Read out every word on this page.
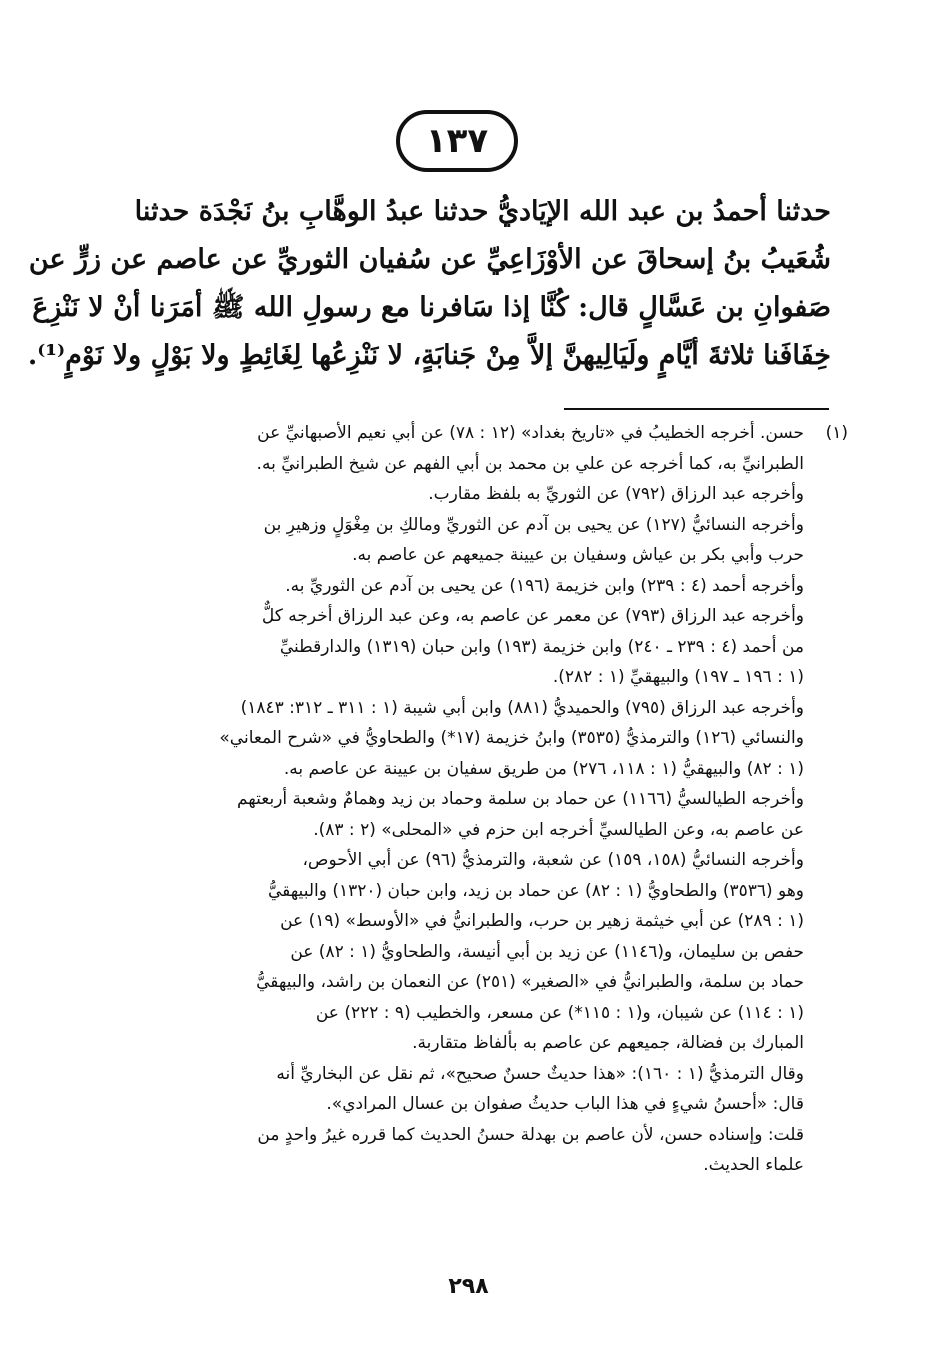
١٣٧
حدثنا أحمدُ بن عبد الله الإيَاديُّ حدثنا عبدُ الوهَّابِ بنُ نَجْدَة حدثنا
شُعَيبُ بنُ إسحاقَ عن الأوْزَاعِيِّ عن سُفيان الثوريِّ عن عاصم عن زرٍّ عن
صَفوانِ بن عَسَّالٍ قال: كُنَّا إذا سَافرنا مع رسولِ الله ﷺ أمَرَنا أنْ لا نَنْزِعَ
خِفَافَنا ثلاثةَ أيَّامٍ ولَيَالِيهنَّ إلاَّ مِنْ جَنابَةٍ، لا نَنْزِعُها لِغَائِطٍ ولا بَوْلٍ ولا نَوْمٍ⁽¹⁾.
(١)
حسن. أخرجه الخطيبُ في «تاريخ بغداد» (١٢ : ٧٨) عن أبي نعيم الأصبهانيِّ عن
الطبرانيِّ به، كما أخرجه عن علي بن محمد بن أبي الفهم عن شيخ الطبرانيِّ به.
وأخرجه عبد الرزاق (٧٩٢) عن الثوريِّ به بلفظ مقارب.
وأخرجه النسائيُّ (١٢٧) عن يحيى بن آدم عن الثوريِّ ومالكِ بن مِغْوَلٍ وزهيرِ بن
حرب وأبي بكر بن عياش وسفيان بن عيينة جميعهم عن عاصم به.
وأخرجه أحمد (٤ : ٢٣٩) وابن خزيمة (١٩٦) عن يحيى بن آدم عن الثوريِّ به.
وأخرجه عبد الرزاق (٧٩٣) عن معمر عن عاصم به، وعن عبد الرزاق أخرجه كلٌّ
من أحمد (٤ : ٢٣٩ ـ ٢٤٠) وابن خزيمة (١٩٣) وابن حبان (١٣١٩) والدارقطنيِّ
(١ : ١٩٦ ـ ١٩٧) والبيهقيِّ (١ : ٢٨٢).
وأخرجه عبد الرزاق (٧٩٥) والحميديُّ (٨٨١) وابن أبي شيبة (١ : ٣١١ ـ ٣١٢: ١٨٤٣)
والنسائي (١٢٦) والترمذيُّ (٣٥٣٥) وابنُ خزيمة (١٧*) والطحاويُّ في «شرح المعاني»
(١ : ٨٢) والبيهقيُّ (١ : ١١٨، ٢٧٦) من طريق سفيان بن عيينة عن عاصم به.
وأخرجه الطيالسيُّ (١١٦٦) عن حماد بن سلمة وحماد بن زيد وهمامٌ وشعبة أربعتهم
عن عاصم به، وعن الطيالسيِّ أخرجه ابن حزم في «المحلى» (٢ : ٨٣).
وأخرجه النسائيُّ (١٥٨، ١٥٩) عن شعبة، والترمذيُّ (٩٦) عن أبي الأحوص،
وهو (٣٥٣٦) والطحاويُّ (١ : ٨٢) عن حماد بن زيد، وابن حبان (١٣٢٠) والبيهقيُّ
(١ : ٢٨٩) عن أبي خيثمة زهير بن حرب، والطبرانيُّ في «الأوسط» (١٩) عن
حفص بن سليمان، و(١١٤٦) عن زيد بن أبي أنيسة، والطحاويُّ (١ : ٨٢) عن
حماد بن سلمة، والطبرانيُّ في «الصغير» (٢٥١) عن النعمان بن راشد، والبيهقيُّ
(١ : ١١٤) عن شيبان، و(١ : ١١٥*) عن مسعر، والخطيب (٩ : ٢٢٢) عن
المبارك بن فضالة، جميعهم عن عاصم به بألفاظ متقاربة.
وقال الترمذيُّ (١ : ١٦٠): «هذا حديثٌ حسنٌ صحيح»، ثم نقل عن البخاريِّ أنه
قال: «أحسنُ شيءٍ في هذا الباب حديثُ صفوان بن عسال المرادي».
قلت: وإسناده حسن، لأن عاصم بن بهدلة حسنُ الحديث كما قرره غيرُ واحدٍ من
علماء الحديث.
٢٩٨
